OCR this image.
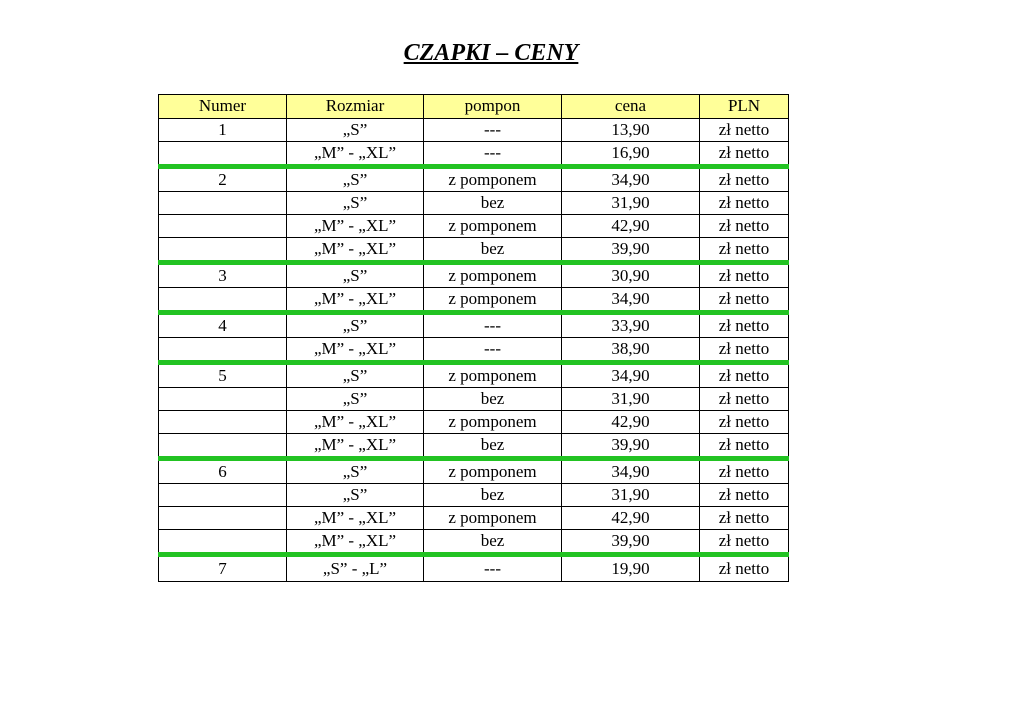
CZAPKI – CENY
Numer	Rozmiar	pompon	cena	PLN
1	„S”	---	13,90	zł netto
	„M” - „XL”	---	16,90	zł netto
2	„S”	z pomponem	34,90	zł netto
	„S”	bez	31,90	zł netto
	„M” - „XL”	z pomponem	42,90	zł netto
	„M” - „XL”	bez	39,90	zł netto
3	„S”	z pomponem	30,90	zł netto
	„M” - „XL”	z pomponem	34,90	zł netto
4	„S”	---	33,90	zł netto
	„M” - „XL”	---	38,90	zł netto
5	„S”	z pomponem	34,90	zł netto
	„S”	bez	31,90	zł netto
	„M” - „XL”	z pomponem	42,90	zł netto
	„M” - „XL”	bez	39,90	zł netto
6	„S”	z pomponem	34,90	zł netto
	„S”	bez	31,90	zł netto
	„M” - „XL”	z pomponem	42,90	zł netto
	„M” - „XL”	bez	39,90	zł netto
7	„S” - „L”	---	19,90	zł netto
